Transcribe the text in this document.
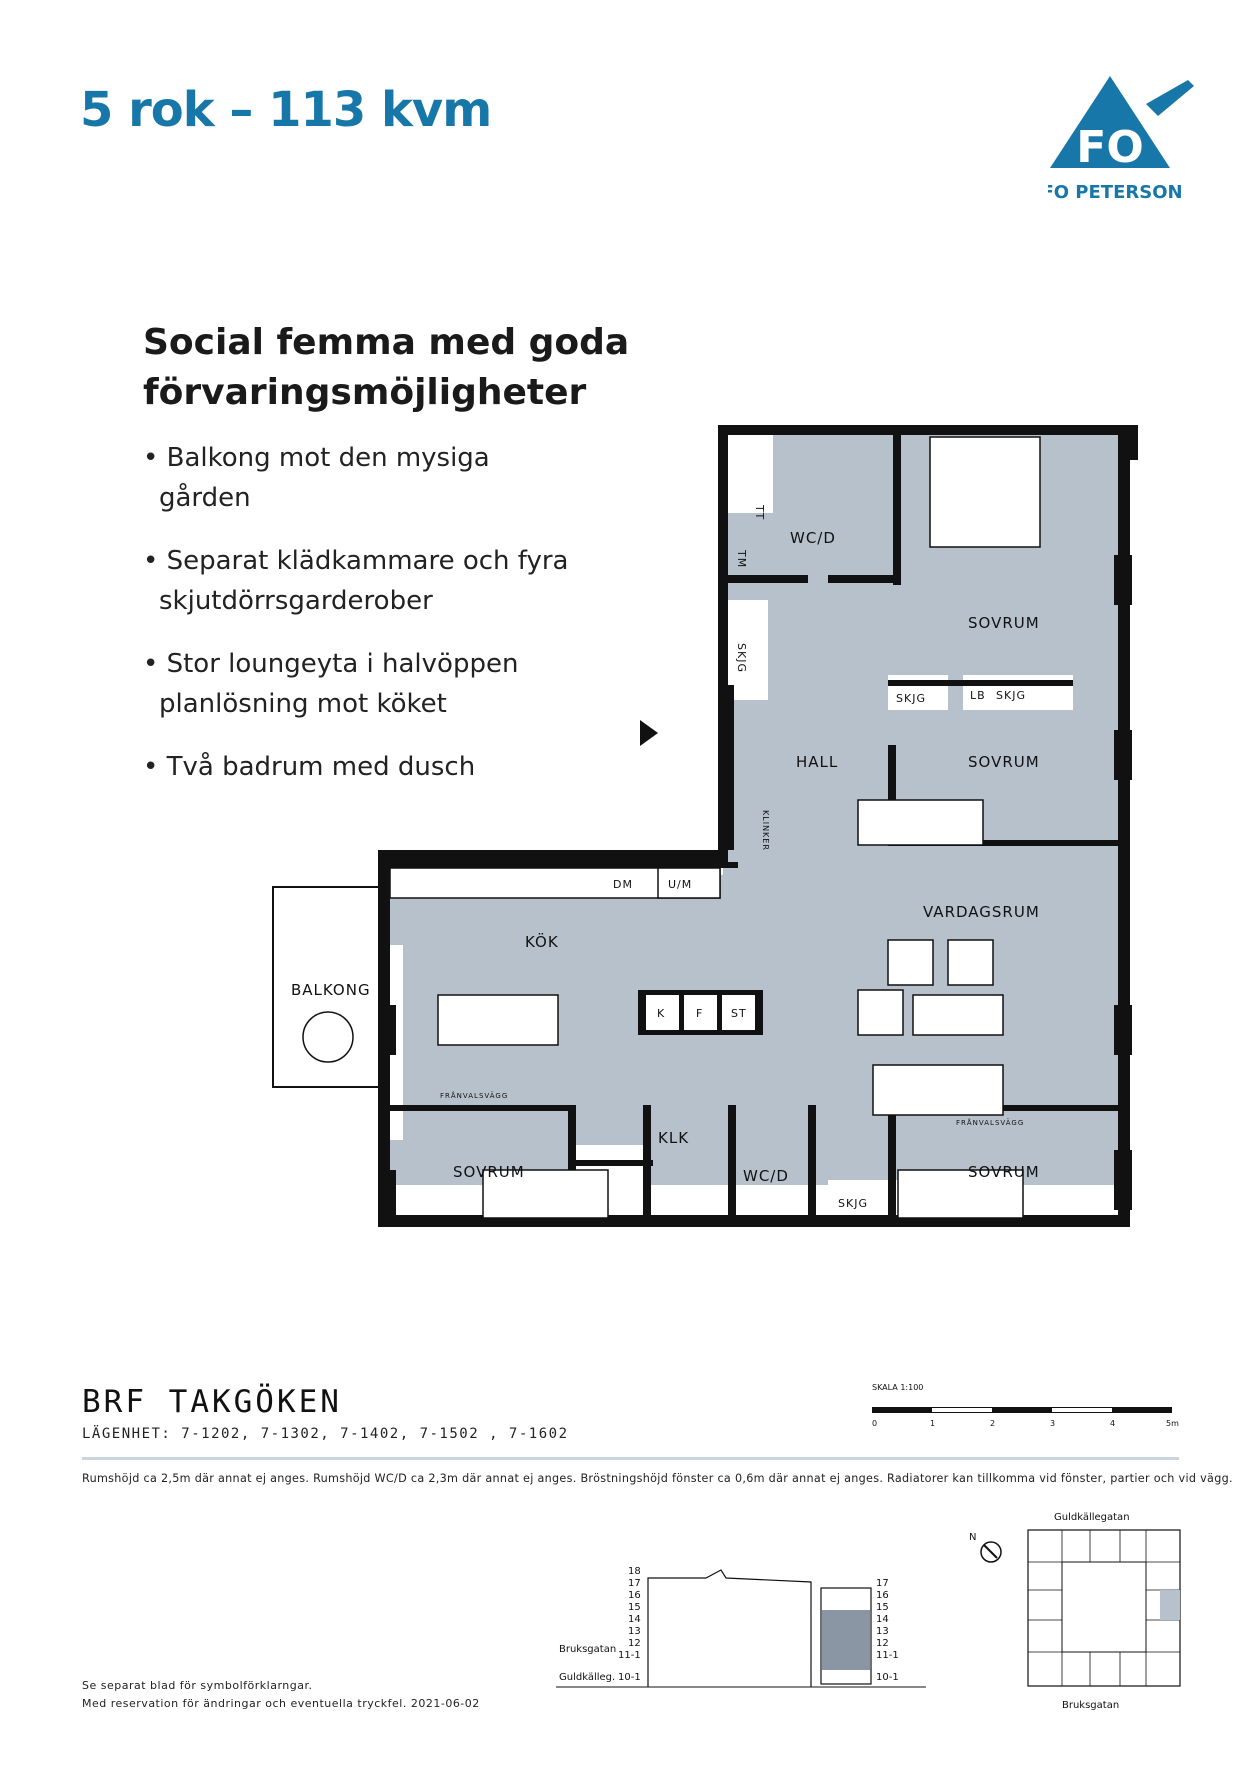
5 rok – 113 kvm
FO
FO PETERSON
Social femma med goda
förvaringsmöjligheter
• Balkong mot den mysiga gården
• Separat klädkammare och fyra skjutdörrsgarderober
• Stor loungeyta i halvöppen planlösning mot köket
• Två badrum med dusch
WC/D
SOVRUM
SKJG
SKJG	LB SKJG
HALL	SOVRUM
KLINKER
DM	U/M
TM
TT
VARDAGSRUM
KÖK
K	F	ST
BALKONG
FRÅNVALSVÄGG
FRÅNVALSVÄGG
KLK
WC/D
SKJG
SOVRUM	SOVRUM
BRF TAKGÖKEN
LÄGENHET: 7-1202, 7-1302, 7-1402, 7-1502 , 7-1602
SKALA 1:100
0	1	2	3	4	5m
Rumshöjd ca 2,5m där annat ej anges. Rumshöjd WC/D ca 2,3m där annat ej anges. Bröstningshöjd fönster ca 0,6m där annat ej anges. Radiatorer kan tillkomma vid fönster, partier och vid vägg.
18
17
16
15
14
13
12
11-1
10-1
17
16
15
14
13
12
11-1
10-1
Bruksgatan
Guldkälleg.
N
Guldkällegatan
Bruksgatan
Se separat blad för symbolförklarngar.
Med reservation för ändringar och eventuella tryckfel. 2021-06-02
